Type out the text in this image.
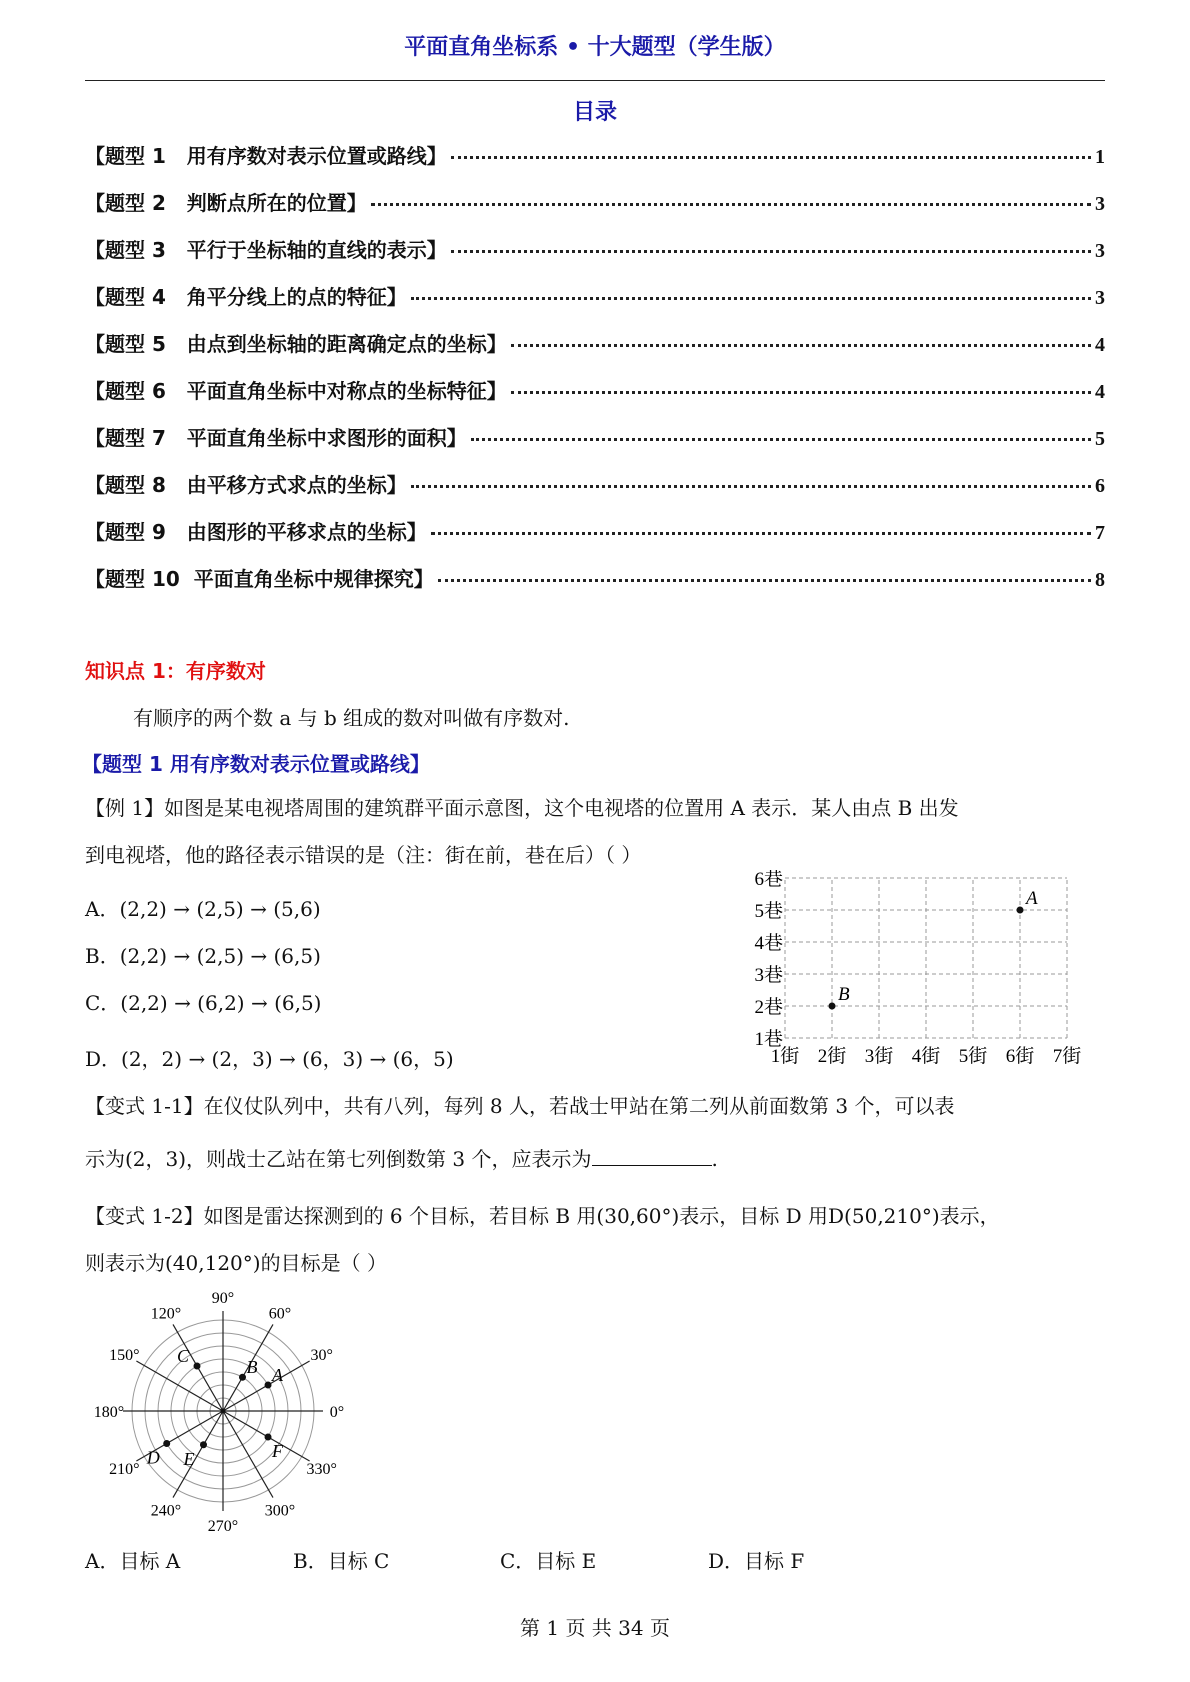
平面直角坐标系 • 十大题型（学生版）
目录
【题型 1   用有序数对表示位置或路线】	1
【题型 2   判断点所在的位置】	3
【题型 3   平行于坐标轴的直线的表示】	3
【题型 4   角平分线上的点的特征】	3
【题型 5   由点到坐标轴的距离确定点的坐标】	4
【题型 6   平面直角坐标中对称点的坐标特征】	4
【题型 7   平面直角坐标中求图形的面积】	5
【题型 8   由平移方式求点的坐标】	6
【题型 9   由图形的平移求点的坐标】	7
【题型 10  平面直角坐标中规律探究】	8
知识点 1：有序数对
有顺序的两个数 a 与 b 组成的数对叫做有序数对.
【题型 1 用有序数对表示位置或路线】
【例 1】如图是某电视塔周围的建筑群平面示意图，这个电视塔的位置用 A 表示．某人由点 B 出发
到电视塔，他的路径表示错误的是（注：街在前，巷在后）（ ）
A．(2,2) → (2,5) → (5,6)
B．(2,2) → (2,5) → (6,5)
C．(2,2) → (6,2) → (6,5)
D．(2，2) → (2，3) → (6，3) → (6，5)	1街 2街 3街 4街 5街 6街 7街
1巷
2巷
3巷
4巷
5巷
6巷
A
B
【变式 1-1】在仪仗队列中，共有八列，每列 8 人，若战士甲站在第二列从前面数第 3 个，可以表
示为(2，3)，则战士乙站在第七列倒数第 3 个，应表示为	.
【变式 1-2】如图是雷达探测到的 6 个目标，若目标 B 用(30,60°)表示，目标 D 用D(50,210°)表示，
则表示为(40,120°)的目标是（ ）
0°
30°
60°
90°
120°
150°
180°
210°
240°
270°
300°
330°
A
B
C
D E	F
A．目标 A	B．目标 C	C．目标 E	D．目标 F
第 1 页 共 34 页
